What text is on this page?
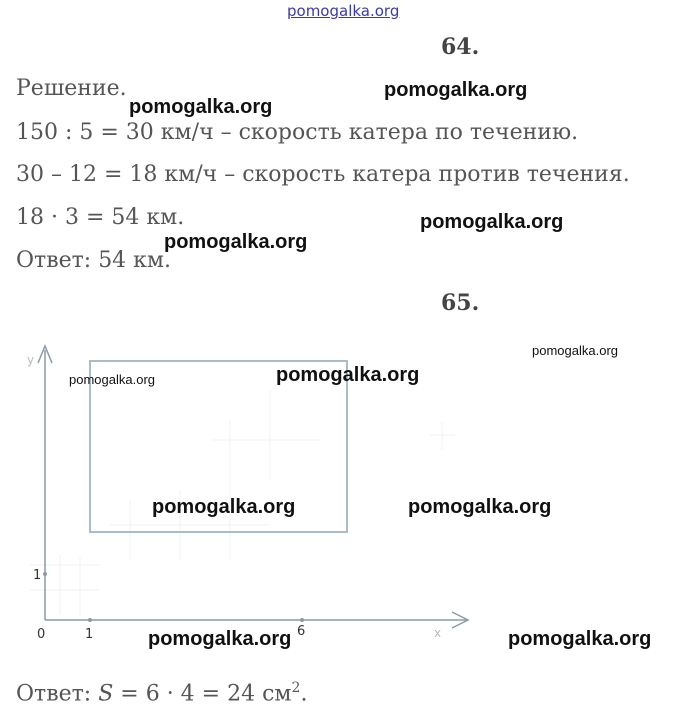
pomogalka.org
64.
Решение.
150 : 5 = 30 км/ч – скорость катера по течению.
30 – 12 = 18 км/ч – скорость катера против течения.
18 · 3 = 54 км.
Ответ: 54 км.
65.
y
x
0	1	6
1
Ответ: S = 6 · 4 = 24 $см^2$.
pomogalka.org
pomogalka.org
pomogalka.org
pomogalka.org
pomogalka.org
pomogalka.org	pomogalka.org
pomogalka.org	pomogalka.org
pomogalka.org	pomogalka.org
